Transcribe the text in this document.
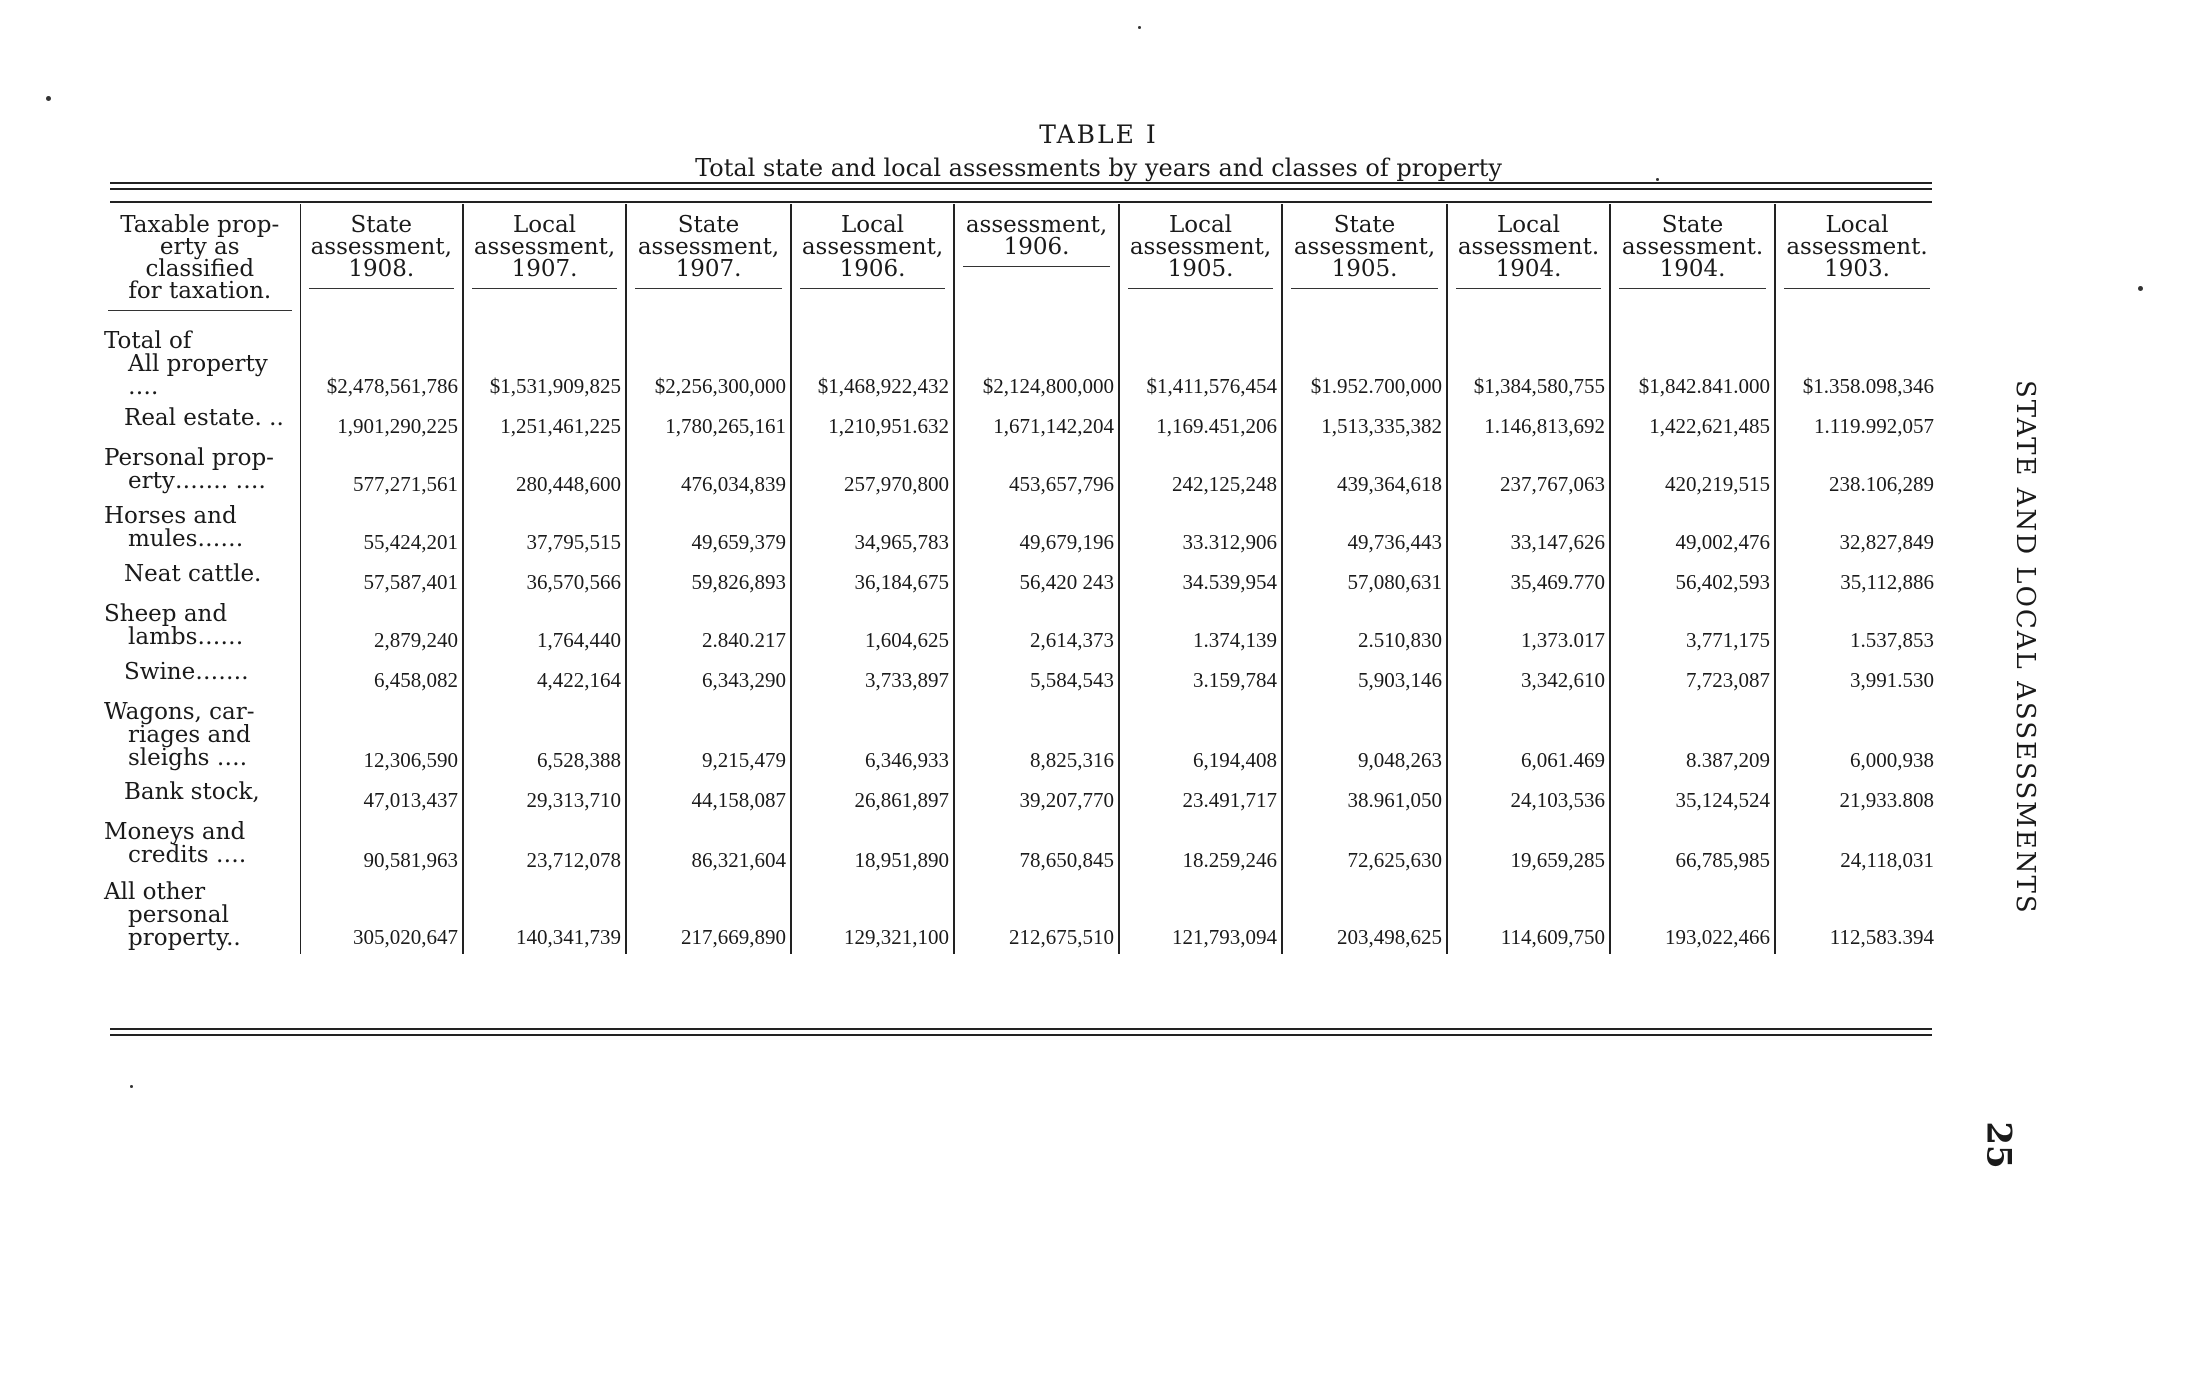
TABLE I
Total state and local assessments by years and classes of property
Taxable prop-
erty as classified
for taxation.	State
assessment,
1908.	Local
assessment,
1907.	State
assessment,
1907.	Local
assessment,
1906.	assessment,
1906.	Local
assessment,
1905.	State
assessment,
1905.	Local
assessment.
1904.	State
assessment.
1904.	Local
assessment.
1903.

Total of
All property ….	$2,478,561,786	$1,531,909,825	$2,256,300,000	$1,468,922,432	$2,124,800,000	$1,411,576,454	$1.952.700,000	$1,384,580,755	$1,842.841.000	$1.358.098,346

Real estate. ..	1,901,290,225	1,251,461,225	1,780,265,161	1,210,951.632	1,671,142,204	1,169.451,206	1,513,335,382	1.146,813,692	1,422,621,485	1.119.992,057

Personal prop-
erty……. ….	577,271,561	280,448,600	476,034,839	257,970,800	453,657,796	242,125,248	439,364,618	237,767,063	420,219,515	238.106,289

Horses and
mules……	55,424,201	37,795,515	49,659,379	34,965,783	49,679,196	33.312,906	49,736,443	33,147,626	49,002,476	32,827,849

Neat cattle.	57,587,401	36,570,566	59,826,893	36,184,675	56,420 243	34.539,954	57,080,631	35,469.770	56,402,593	35,112,886

Sheep and
lambs……	2,879,240	1,764,440	2.840.217	1,604,625	2,614,373	1.374,139	2.510,830	1,373.017	3,771,175	1.537,853

Swine…….	6,458,082	4,422,164	6,343,290	3,733,897	5,584,543	3.159,784	5,903,146	3,342,610	7,723,087	3,991.530

Wagons, car-
riages and
sleighs ….	12,306,590	6,528,388	9,215,479	6,346,933	8,825,316	6,194,408	9,048,263	6,061.469	8.387,209	6,000,938

Bank stock,	47,013,437	29,313,710	44,158,087	26,861,897	39,207,770	23.491,717	38.961,050	24,103,536	35,124,524	21,933.808

Moneys and
credits ….	90,581,963	23,712,078	86,321,604	18,951,890	78,650,845	18.259,246	72,625,630	19,659,285	66,785,985	24,118,031

All other
personal
property..	305,020,647	140,341,739	217,669,890	129,321,100	212,675,510	121,793,094	203,498,625	114,609,750	193,022,466	112,583.394
STATE AND LOCAL ASSESSMENTS
25
